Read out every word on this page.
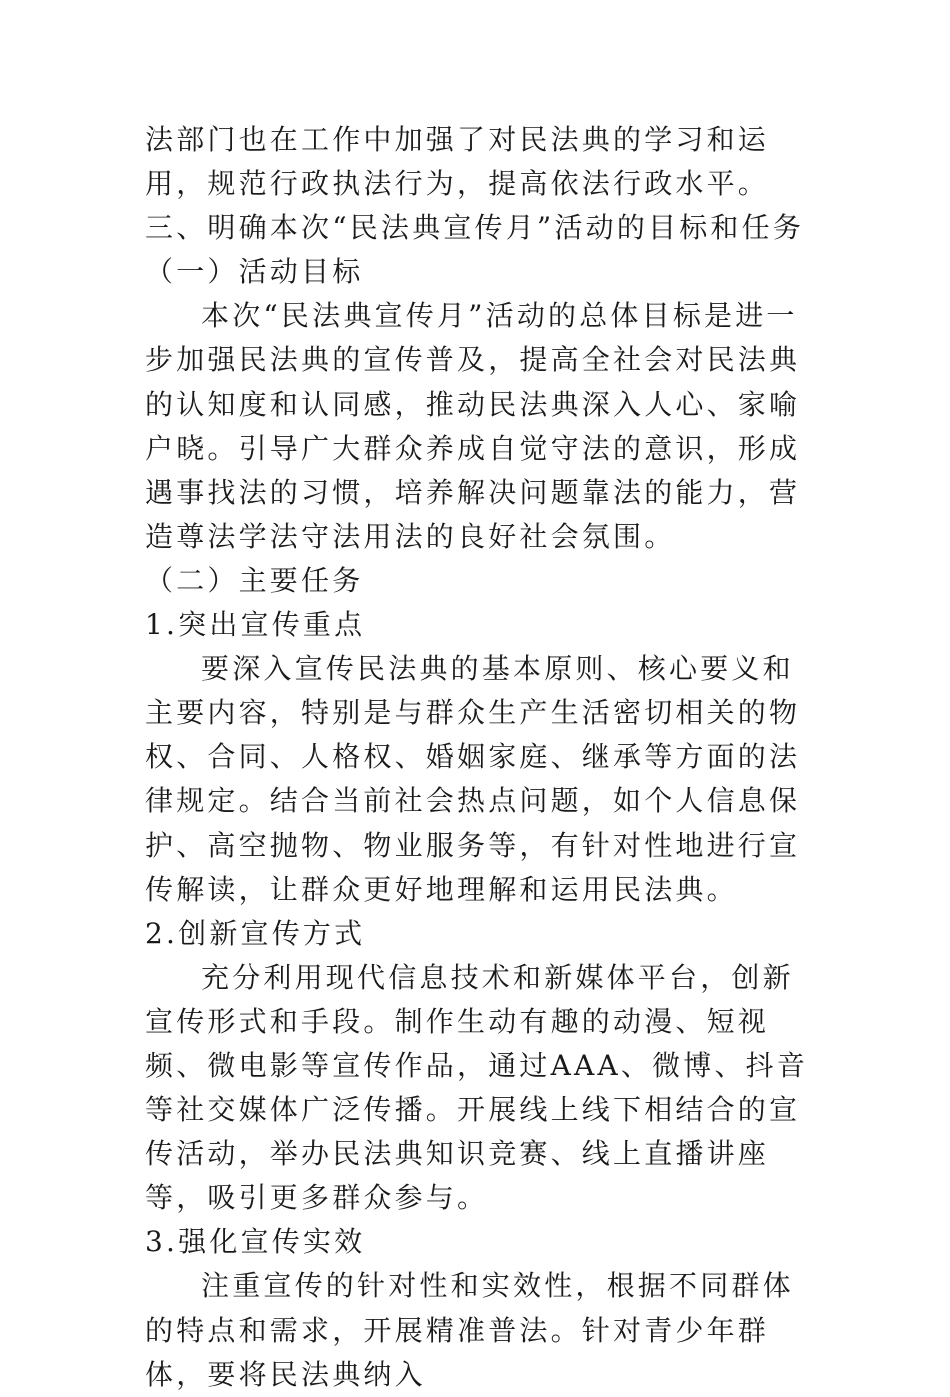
法部门也在工作中加强了对民法典的学习和运用，规范行政执法行为，提高依法行政水平。

三、明确本次“民法典宣传月”活动的目标和任务

（一）活动目标

本次“民法典宣传月”活动的总体目标是进一步加强民法典的宣传普及，提高全社会对民法典的认知度和认同感，推动民法典深入人心、家喻户晓。引导广大群众养成自觉守法的意识，形成遇事找法的习惯，培养解决问题靠法的能力，营造尊法学法守法用法的良好社会氛围。

（二）主要任务

1.突出宣传重点

要深入宣传民法典的基本原则、核心要义和主要内容，特别是与群众生产生活密切相关的物权、合同、人格权、婚姻家庭、继承等方面的法律规定。结合当前社会热点问题，如个人信息保护、高空抛物、物业服务等，有针对性地进行宣传解读，让群众更好地理解和运用民法典。

2.创新宣传方式

充分利用现代信息技术和新媒体平台，创新宣传形式和手段。制作生动有趣的动漫、短视频、微电影等宣传作品，通过AAA、微博、抖音等社交媒体广泛传播。开展线上线下相结合的宣传活动，举办民法典知识竞赛、线上直播讲座等，吸引更多群众参与。

3.强化宣传实效

注重宣传的针对性和实效性，根据不同群体的特点和需求，开展精准普法。针对青少年群体，要将民法典纳入
